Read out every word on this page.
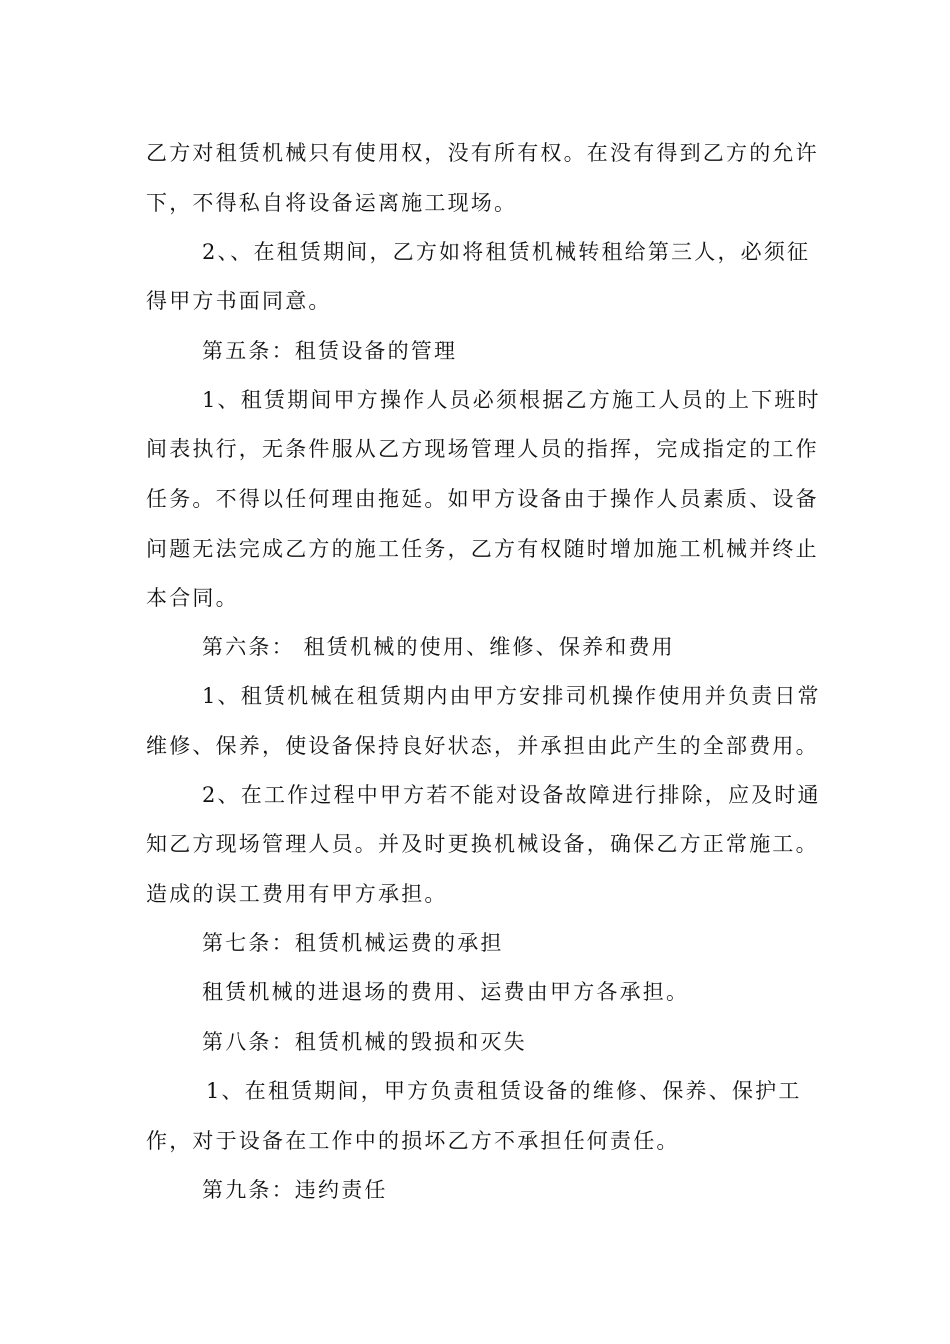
乙方对租赁机械只有使用权，没有所有权。在没有得到乙方的允许
下，不得私自将设备运离施工现场。
2、、在租赁期间，乙方如将租赁机械转租给第三人，必须征
得甲方书面同意。
第五条：租赁设备的管理
1、租赁期间甲方操作人员必须根据乙方施工人员的上下班时
间表执行，无条件服从乙方现场管理人员的指挥，完成指定的工作
任务。不得以任何理由拖延。如甲方设备由于操作人员素质、设备
问题无法完成乙方的施工任务，乙方有权随时增加施工机械并终止
本合同。
第六条： 租赁机械的使用、维修、保养和费用
1、租赁机械在租赁期内由甲方安排司机操作使用并负责日常
维修、保养，使设备保持良好状态，并承担由此产生的全部费用。
2、在工作过程中甲方若不能对设备故障进行排除，应及时通
知乙方现场管理人员。并及时更换机械设备，确保乙方正常施工。
造成的误工费用有甲方承担。
第七条：租赁机械运费的承担
租赁机械的进退场的费用、运费由甲方各承担。
第八条：租赁机械的毁损和灭失
1、在租赁期间，甲方负责租赁设备的维修、保养、保护工
作，对于设备在工作中的损坏乙方不承担任何责任。
第九条：违约责任
